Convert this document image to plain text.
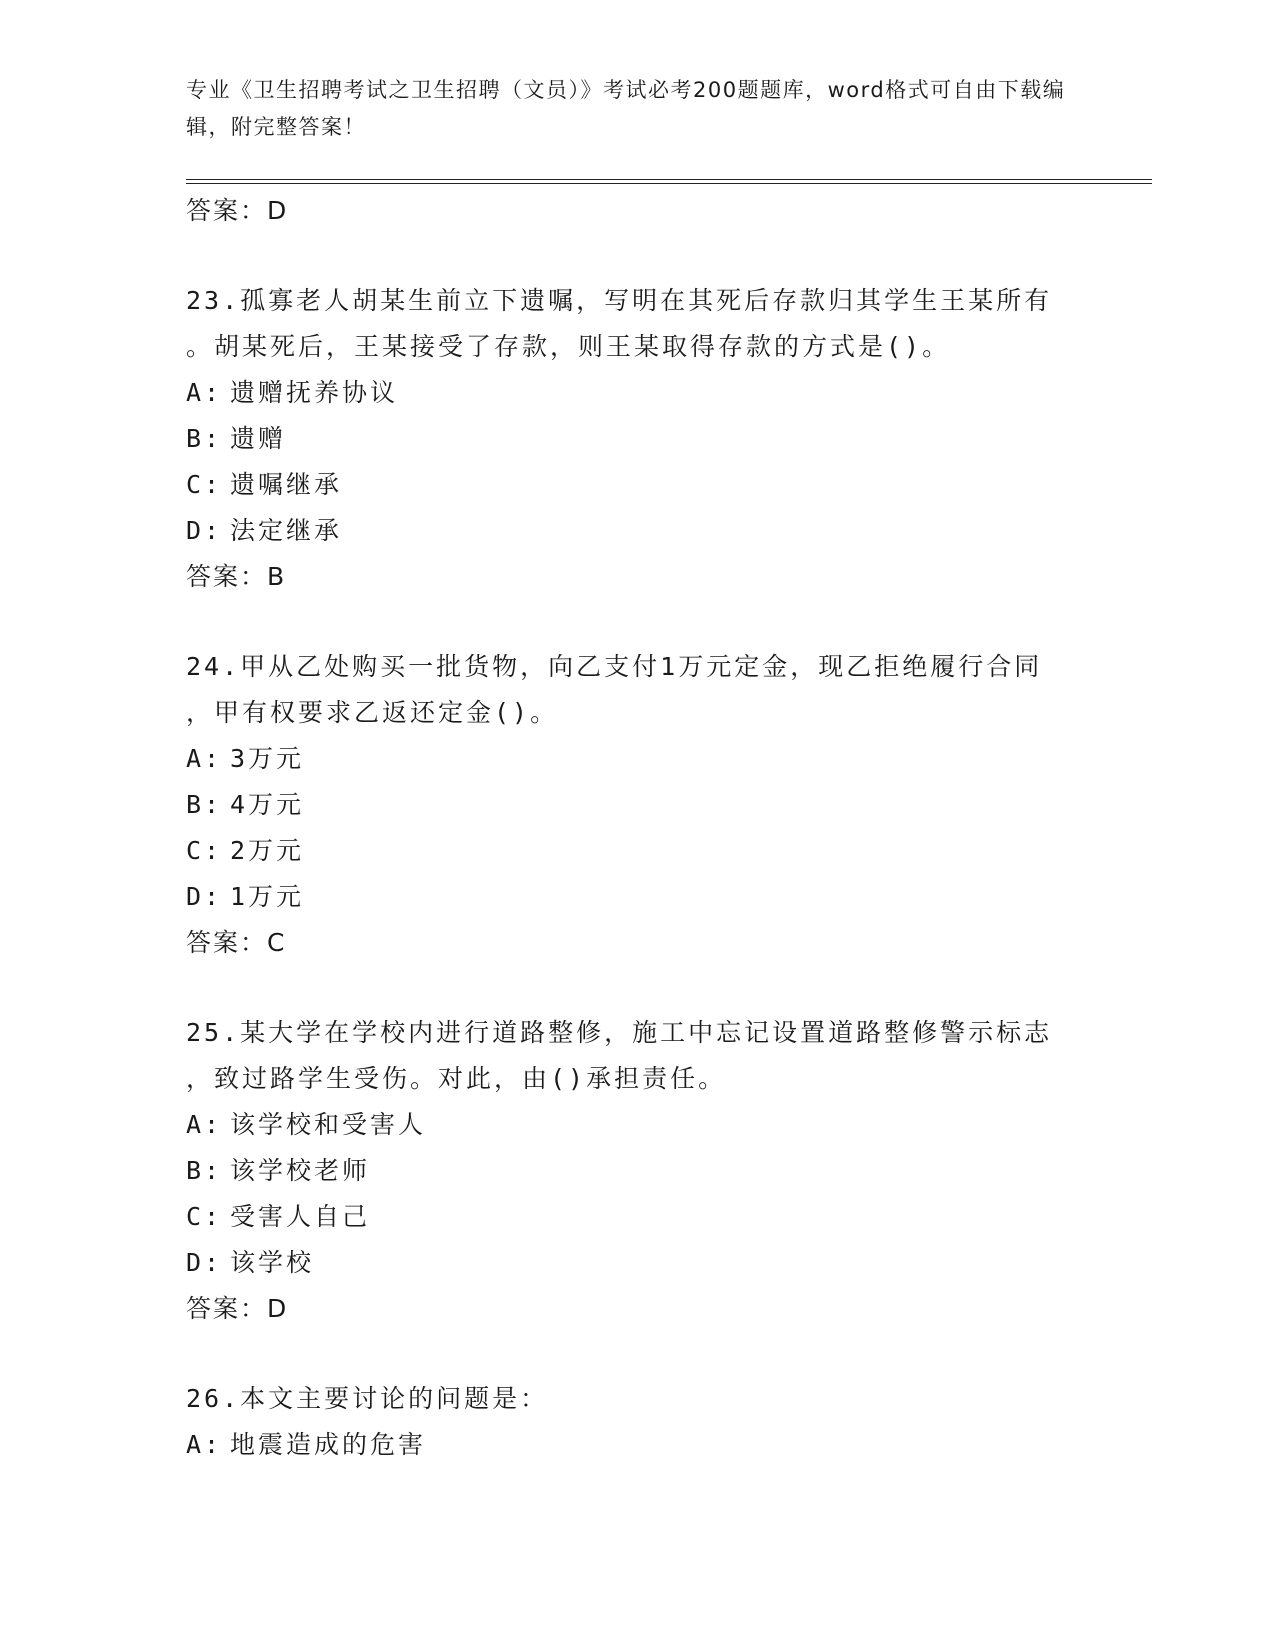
专业《卫生招聘考试之卫生招聘（文员）》考试必考200题题库，word格式可自由下载编辑，附完整答案！
答案：D
23.孤寡老人胡某生前立下遗嘱，写明在其死后存款归其学生王某所有
。胡某死后，王某接受了存款，则王某取得存款的方式是()。
A: 遗赠抚养协议
B: 遗赠
C: 遗嘱继承
D: 法定继承
答案：B
24.甲从乙处购买一批货物，向乙支付1万元定金，现乙拒绝履行合同
，甲有权要求乙返还定金()。
A: 3万元
B: 4万元
C: 2万元
D: 1万元
答案：C
25.某大学在学校内进行道路整修，施工中忘记设置道路整修警示标志
，致过路学生受伤。对此，由()承担责任。
A: 该学校和受害人
B: 该学校老师
C: 受害人自己
D: 该学校
答案：D
26.本文主要讨论的问题是：
A: 地震造成的危害
